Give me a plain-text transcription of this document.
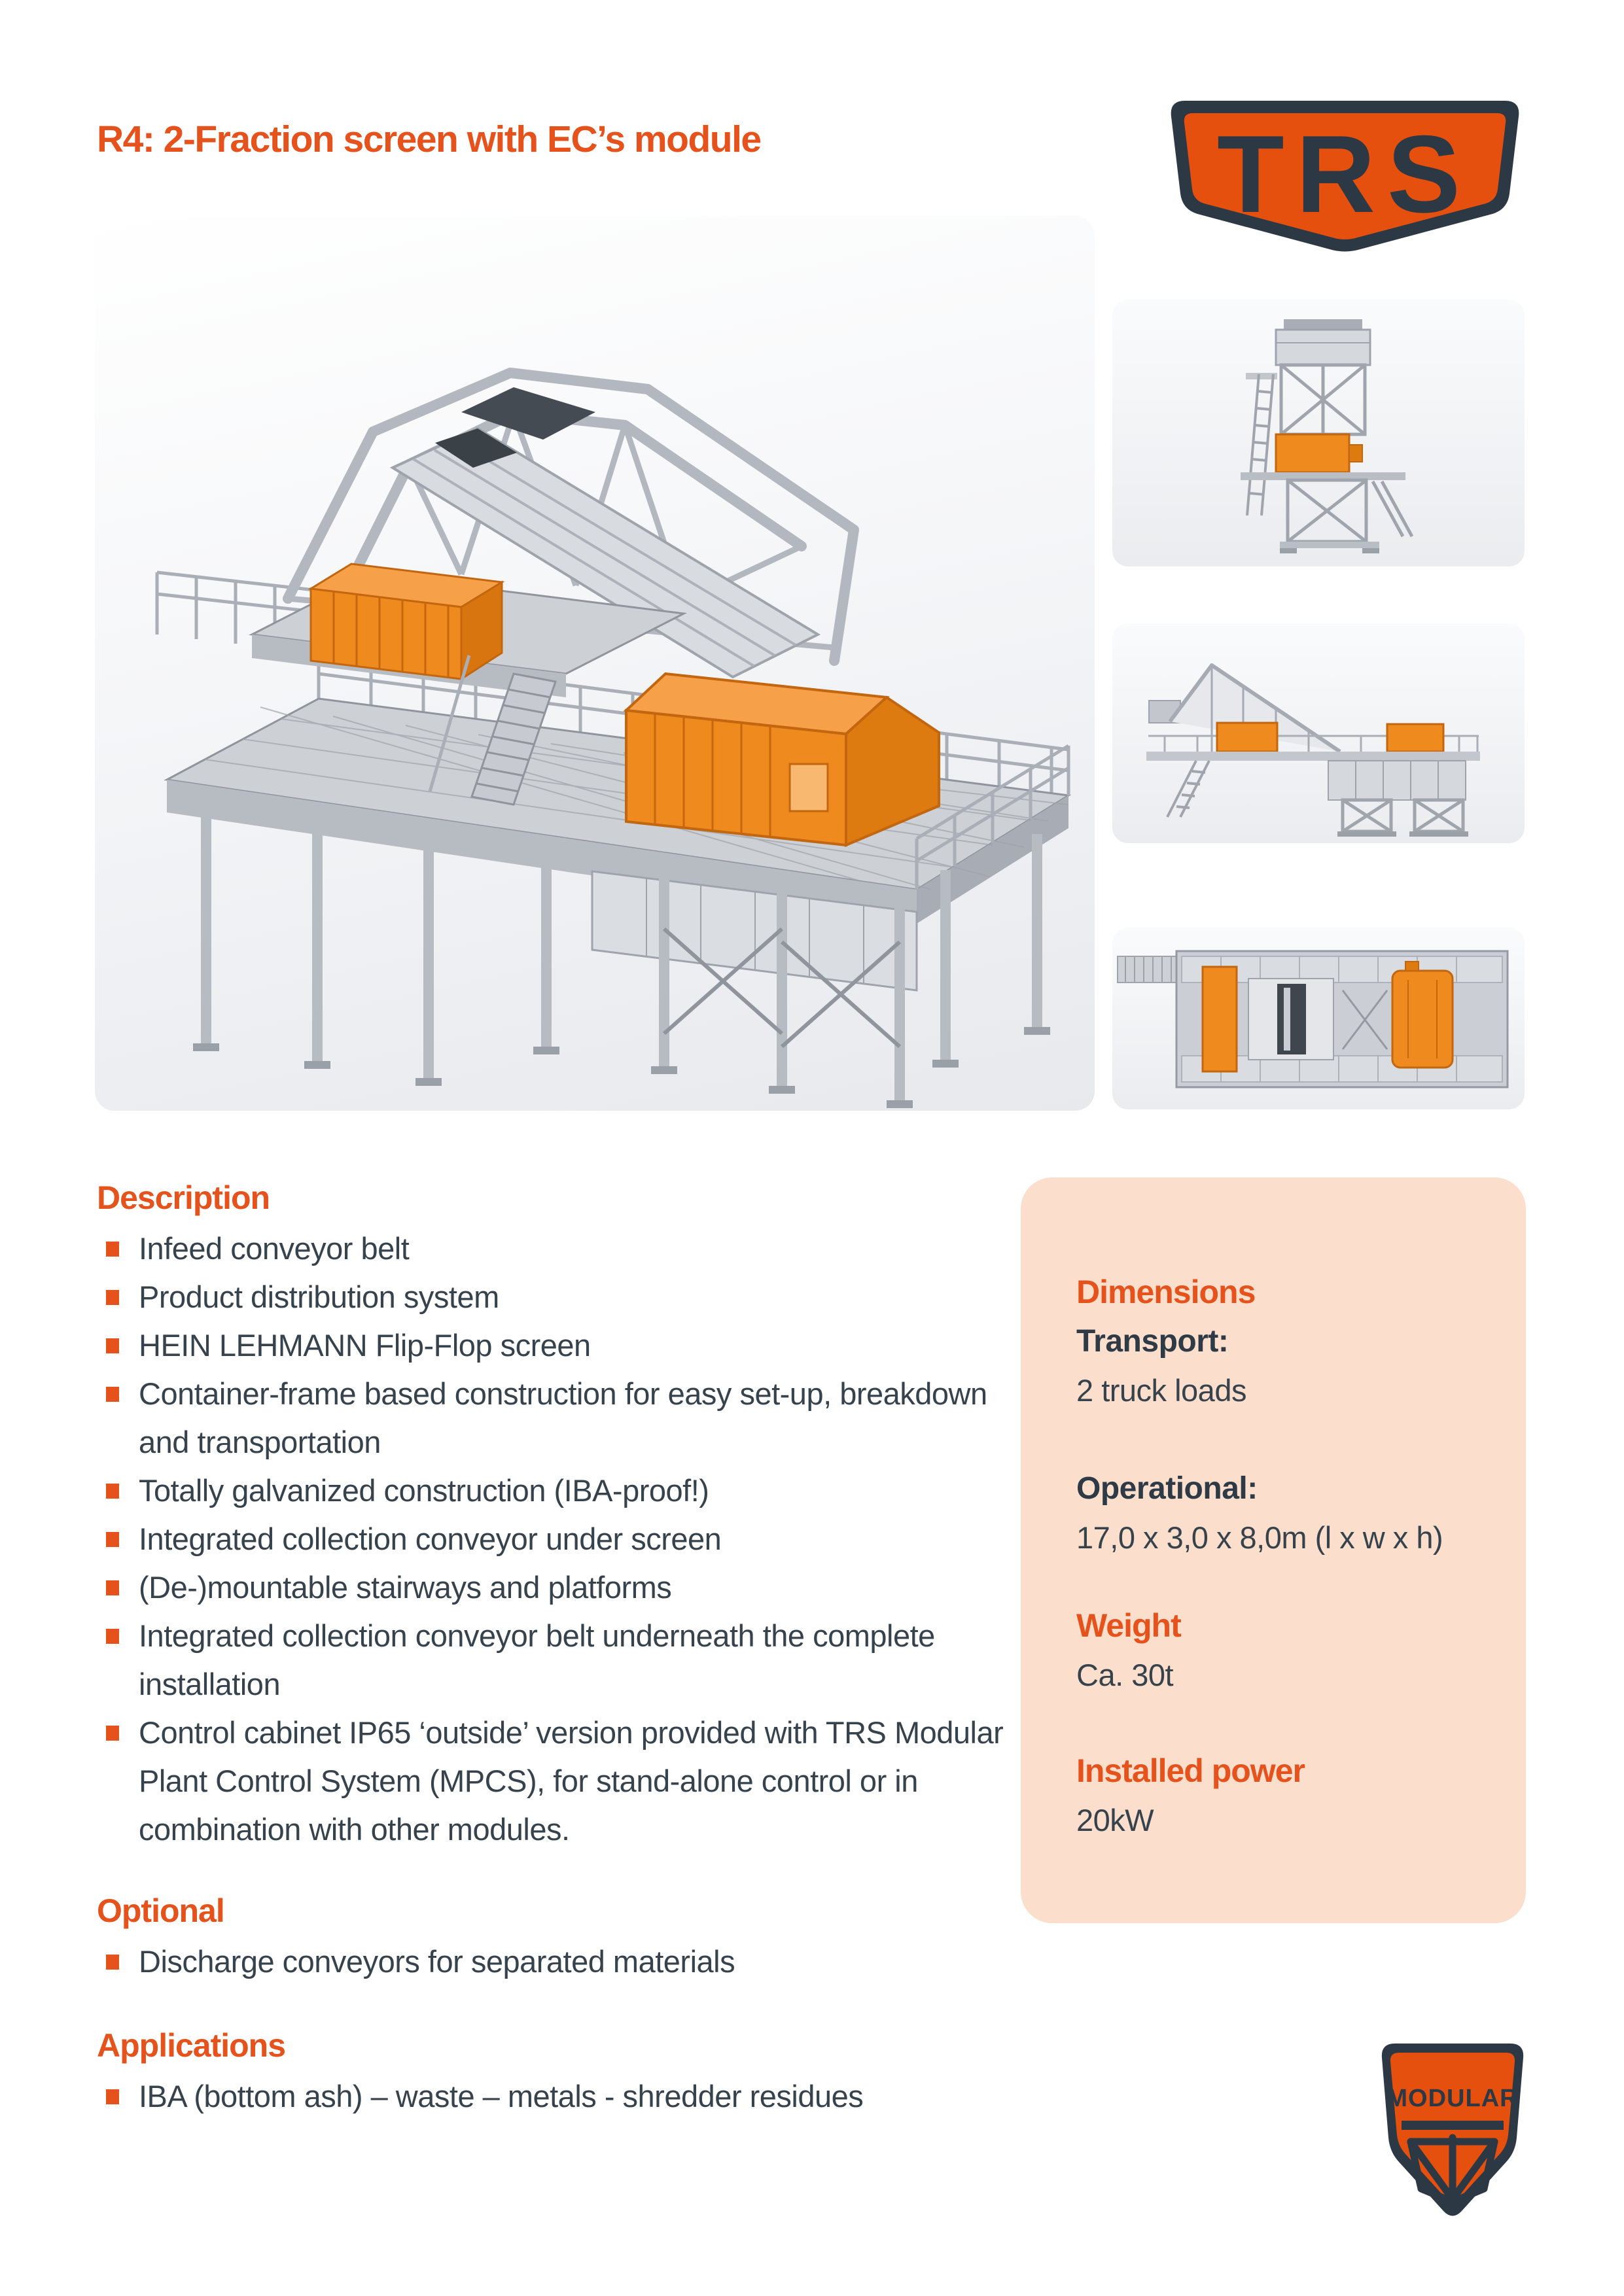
R4: 2-Fraction screen with EC’s module	TRS
Description
Infeed conveyor belt
Product distribution system
HEIN LEHMANN Flip-Flop screen
Container-frame based construction for easy set-up, breakdown and transportation
Totally galvanized construction (IBA-proof!)
Integrated collection conveyor under screen
(De-)mountable stairways and platforms
Integrated collection conveyor belt underneath the complete installation
Control cabinet IP65 ‘outside’ version provided with TRS Modular Plant Control System (MPCS), for stand-alone control or in combination with other modules.
Optional
Discharge conveyors for separated materials
Applications
IBA (bottom ash) – waste – metals - shredder residues
Dimensions
Transport:
2 truck loads
Operational:
17,0 x 3,0 x 8,0m (l x w x h)
Weight
Ca. 30t
Installed power
20kW
MODULAR
